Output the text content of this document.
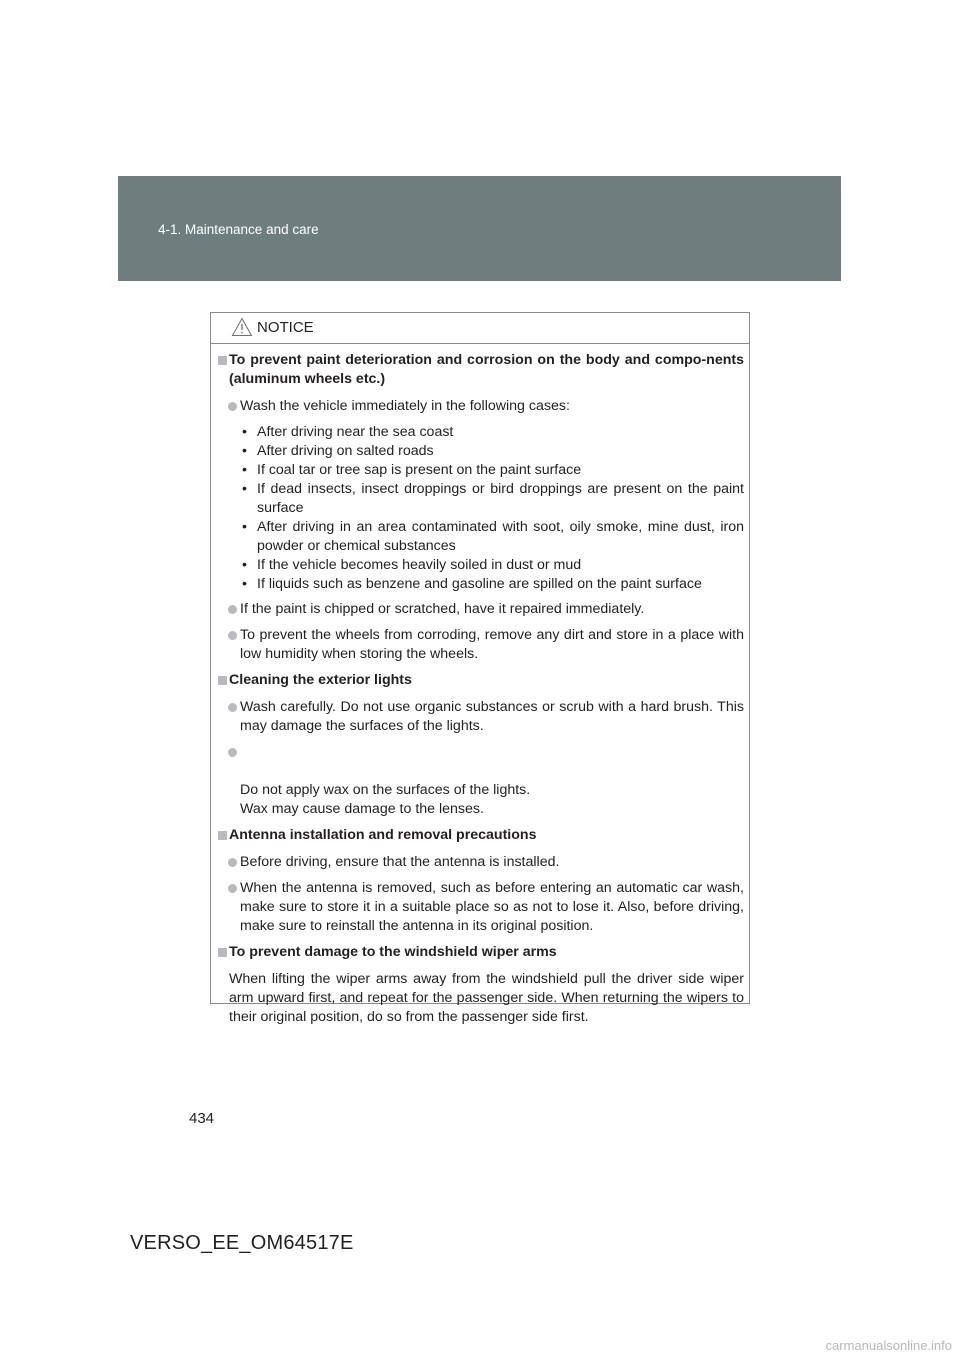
4-1. Maintenance and care
NOTICE
To prevent paint deterioration and corrosion on the body and compo-nents (aluminum wheels etc.)
Wash the vehicle immediately in the following cases:
• After driving near the sea coast
• After driving on salted roads
• If coal tar or tree sap is present on the paint surface
• If dead insects, insect droppings or bird droppings are present on the paint surface
• After driving in an area contaminated with soot, oily smoke, mine dust, iron powder or chemical substances
• If the vehicle becomes heavily soiled in dust or mud
• If liquids such as benzene and gasoline are spilled on the paint surface
If the paint is chipped or scratched, have it repaired immediately.
To prevent the wheels from corroding, remove any dirt and store in a place with low humidity when storing the wheels.
Cleaning the exterior lights
Wash carefully. Do not use organic substances or scrub with a hard brush. This may damage the surfaces of the lights.

Do not apply wax on the surfaces of the lights.
Wax may cause damage to the lenses.

Antenna installation and removal precautions
Before driving, ensure that the antenna is installed.
When the antenna is removed, such as before entering an automatic car wash, make sure to store it in a suitable place so as not to lose it. Also, before driving, make sure to reinstall the antenna in its original position.
To prevent damage to the windshield wiper arms
When lifting the wiper arms away from the windshield pull the driver side wiper arm upward first, and repeat for the passenger side. When returning the wipers to their original position, do so from the passenger side first.
434
VERSO_EE_OM64517E
carmanualsonline.info
